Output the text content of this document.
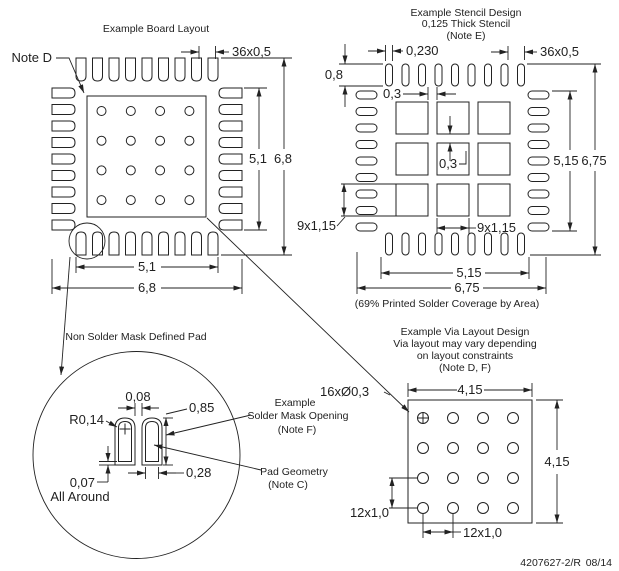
Example Board Layout
Note D	36x0,5
5,1 6,8
5,1
6,8
Example Stencil Design
0,125 Thick Stencil
(Note E)
0,8
0,230	36x0,5
0,3
0,3
9x1,15
9x1,15
5,15 6,75
5,15
6,75
(69% Printed Solder Coverage by Area)
Non Solder Mask Defined Pad
0,08
R0,14
0,85
0,28
0,07
All Around
Example
Solder Mask Opening
(Note F)
Pad Geometry
(Note C)
Example Via Layout Design
Via layout may vary depending
on layout constraints
(Note D, F)
4,15
4,15
12x1,0
12x1,0
16xØ0,3
4207627-2/R 08/14
